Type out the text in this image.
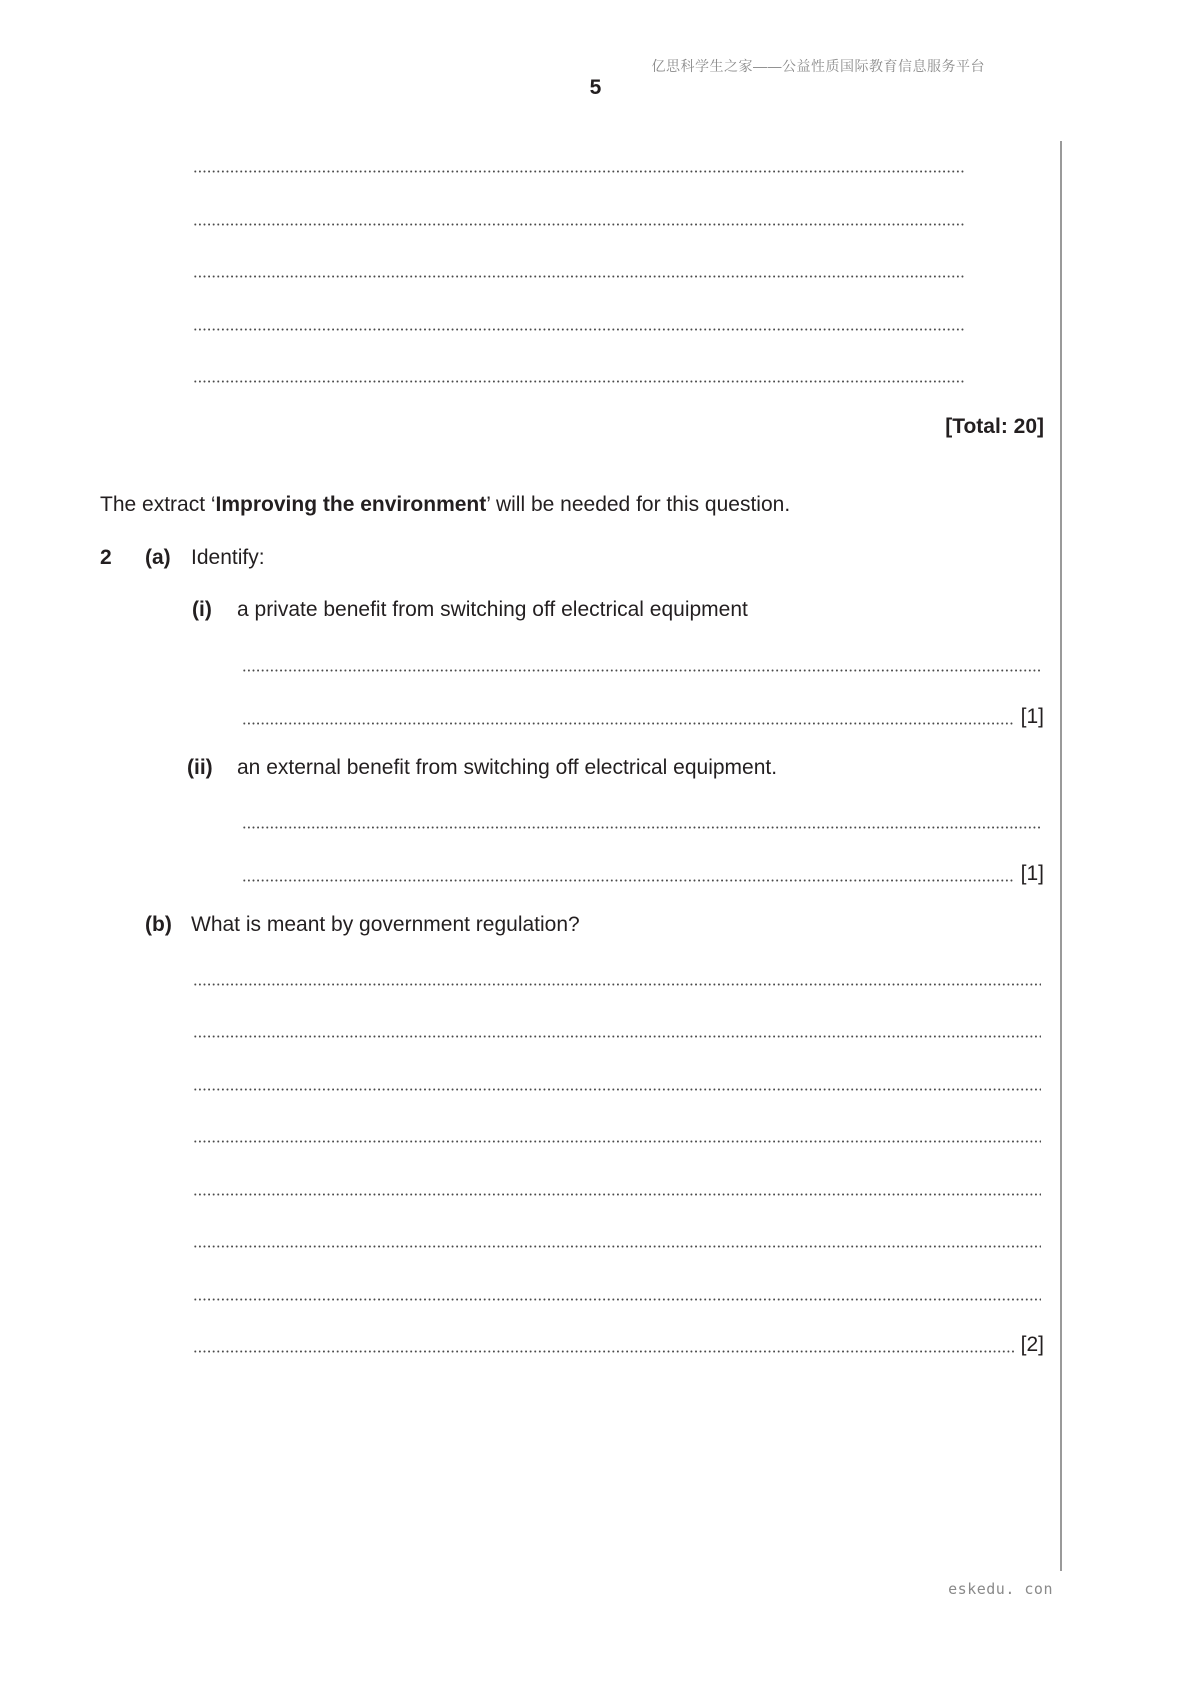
亿思科学生之家——公益性质国际教育信息服务平台
5
[Total: 20]
The extract ‘Improving the environment’ will be needed for this question.
2 (a) Identify:
(i) a private benefit from switching off electrical equipment
[1]
(ii) an external benefit from switching off electrical equipment.
[1]
(b) What is meant by government regulation?
[2]
eskedu. con
